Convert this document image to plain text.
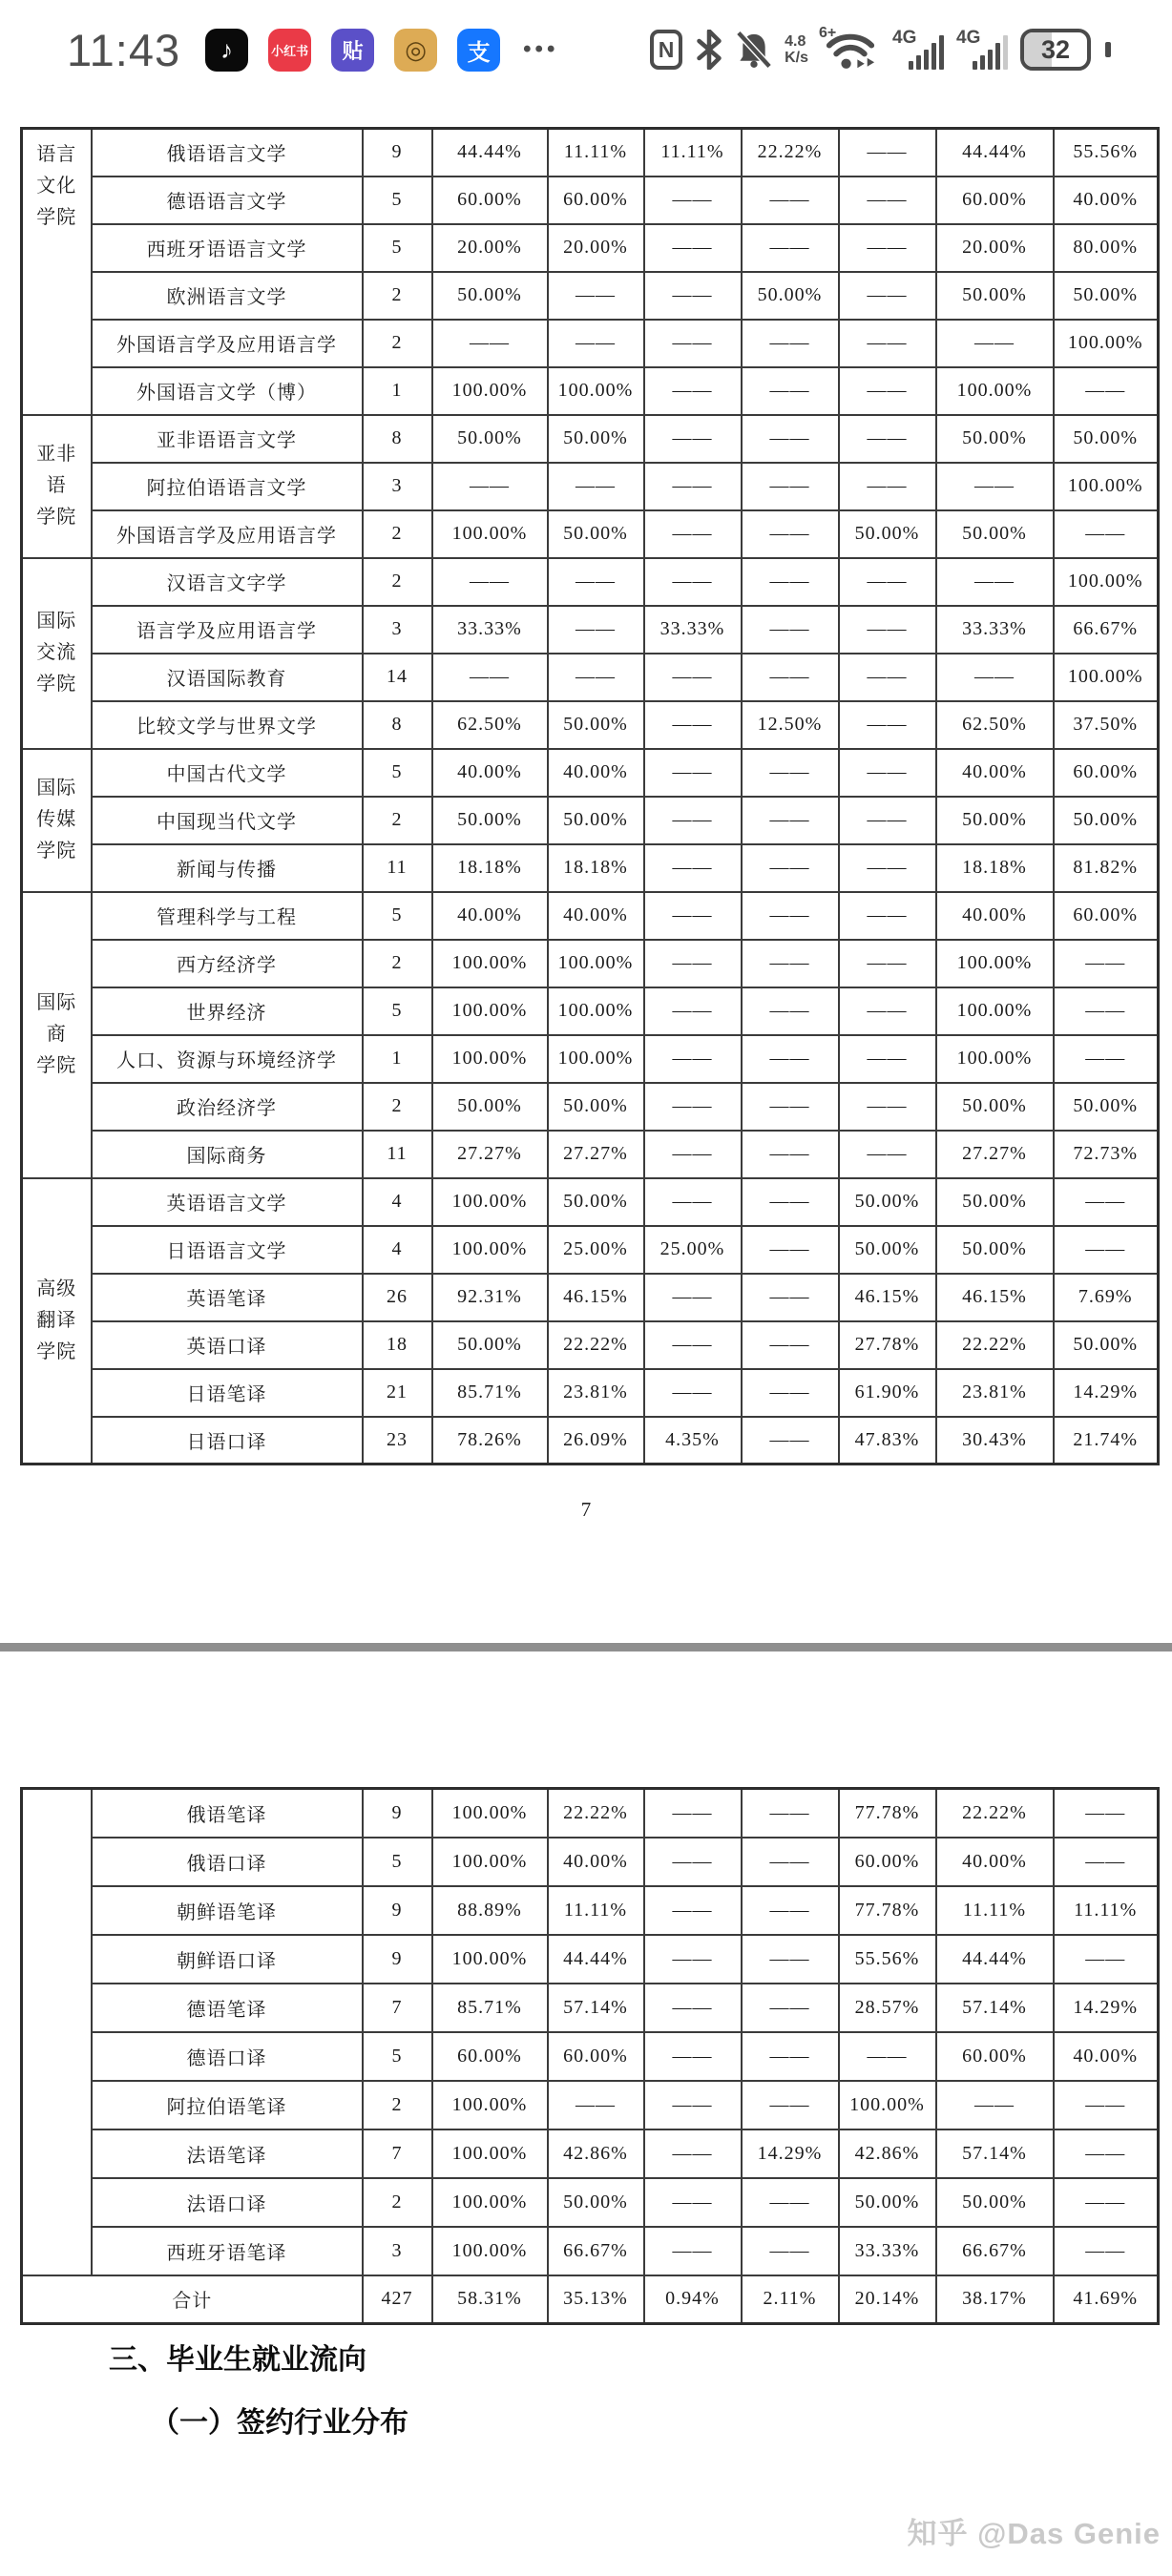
11:43	♪	小红书	贴	◎	支	•••	N	4.8
K/s
6+	4G 4G 32
语言
文化
学院	俄语语言文学	9	44.44%	11.11%	11.11%	22.22%	——	44.44%	55.56%
	德语语言文学	5	60.00%	60.00%	——	——	——	60.00%	40.00%
	西班牙语语言文学	5	20.00%	20.00%	——	——	——	20.00%	80.00%
	欧洲语言文学	2	50.00%	——	——	50.00%	——	50.00%	50.00%
	外国语言学及应用语言学	2	——	——	——	——	——	——	100.00%
	外国语言文学（博）	1	100.00%	100.00%	——	——	——	100.00%	——

亚非
语
学院	亚非语语言文学	8	50.00%	50.00%	——	——	——	50.00%	50.00%
	阿拉伯语语言文学	3	——	——	——	——	——	——	100.00%
	外国语言学及应用语言学	2	100.00%	50.00%	——	——	50.00%	50.00%	——

国际
交流
学院	汉语言文字学	2	——	——	——	——	——	——	100.00%
	语言学及应用语言学	3	33.33%	——	33.33%	——	——	33.33%	66.67%
	汉语国际教育	14	——	——	——	——	——	——	100.00%
	比较文学与世界文学	8	62.50%	50.00%	——	12.50%	——	62.50%	37.50%

国际
传媒
学院	中国古代文学	5	40.00%	40.00%	——	——	——	40.00%	60.00%
	中国现当代文学	2	50.00%	50.00%	——	——	——	50.00%	50.00%
	新闻与传播	11	18.18%	18.18%	——	——	——	18.18%	81.82%

国际
商
学院	管理科学与工程	5	40.00%	40.00%	——	——	——	40.00%	60.00%
	西方经济学	2	100.00%	100.00%	——	——	——	100.00%	——
	世界经济	5	100.00%	100.00%	——	——	——	100.00%	——
	人口、资源与环境经济学	1	100.00%	100.00%	——	——	——	100.00%	——
	政治经济学	2	50.00%	50.00%	——	——	——	50.00%	50.00%
	国际商务	11	27.27%	27.27%	——	——	——	27.27%	72.73%

高级
翻译
学院	英语语言文学	4	100.00%	50.00%	——	——	50.00%	50.00%	——
	日语语言文学	4	100.00%	25.00%	25.00%	——	50.00%	50.00%	——
	英语笔译	26	92.31%	46.15%	——	——	46.15%	46.15%	7.69%
	英语口译	18	50.00%	22.22%	——	——	27.78%	22.22%	50.00%
	日语笔译	21	85.71%	23.81%	——	——	61.90%	23.81%	14.29%
	日语口译	23	78.26%	26.09%	4.35%	——	47.83%	30.43%	21.74%
7
	俄语笔译	9	100.00%	22.22%	——	——	77.78%	22.22%	——
	俄语口译	5	100.00%	40.00%	——	——	60.00%	40.00%	——
	朝鲜语笔译	9	88.89%	11.11%	——	——	77.78%	11.11%	11.11%
	朝鲜语口译	9	100.00%	44.44%	——	——	55.56%	44.44%	——
	德语笔译	7	85.71%	57.14%	——	——	28.57%	57.14%	14.29%
	德语口译	5	60.00%	60.00%	——	——	——	60.00%	40.00%
	阿拉伯语笔译	2	100.00%	——	——	——	100.00%	——	——
	法语笔译	7	100.00%	42.86%	——	14.29%	42.86%	57.14%	——
	法语口译	2	100.00%	50.00%	——	——	50.00%	50.00%	——
	西班牙语笔译	3	100.00%	66.67%	——	——	33.33%	66.67%	——
合计		427	58.31%	35.13%	0.94%	2.11%	20.14%	38.17%	41.69%
三、毕业生就业流向
（一）签约行业分布
知乎 @Das Genie
